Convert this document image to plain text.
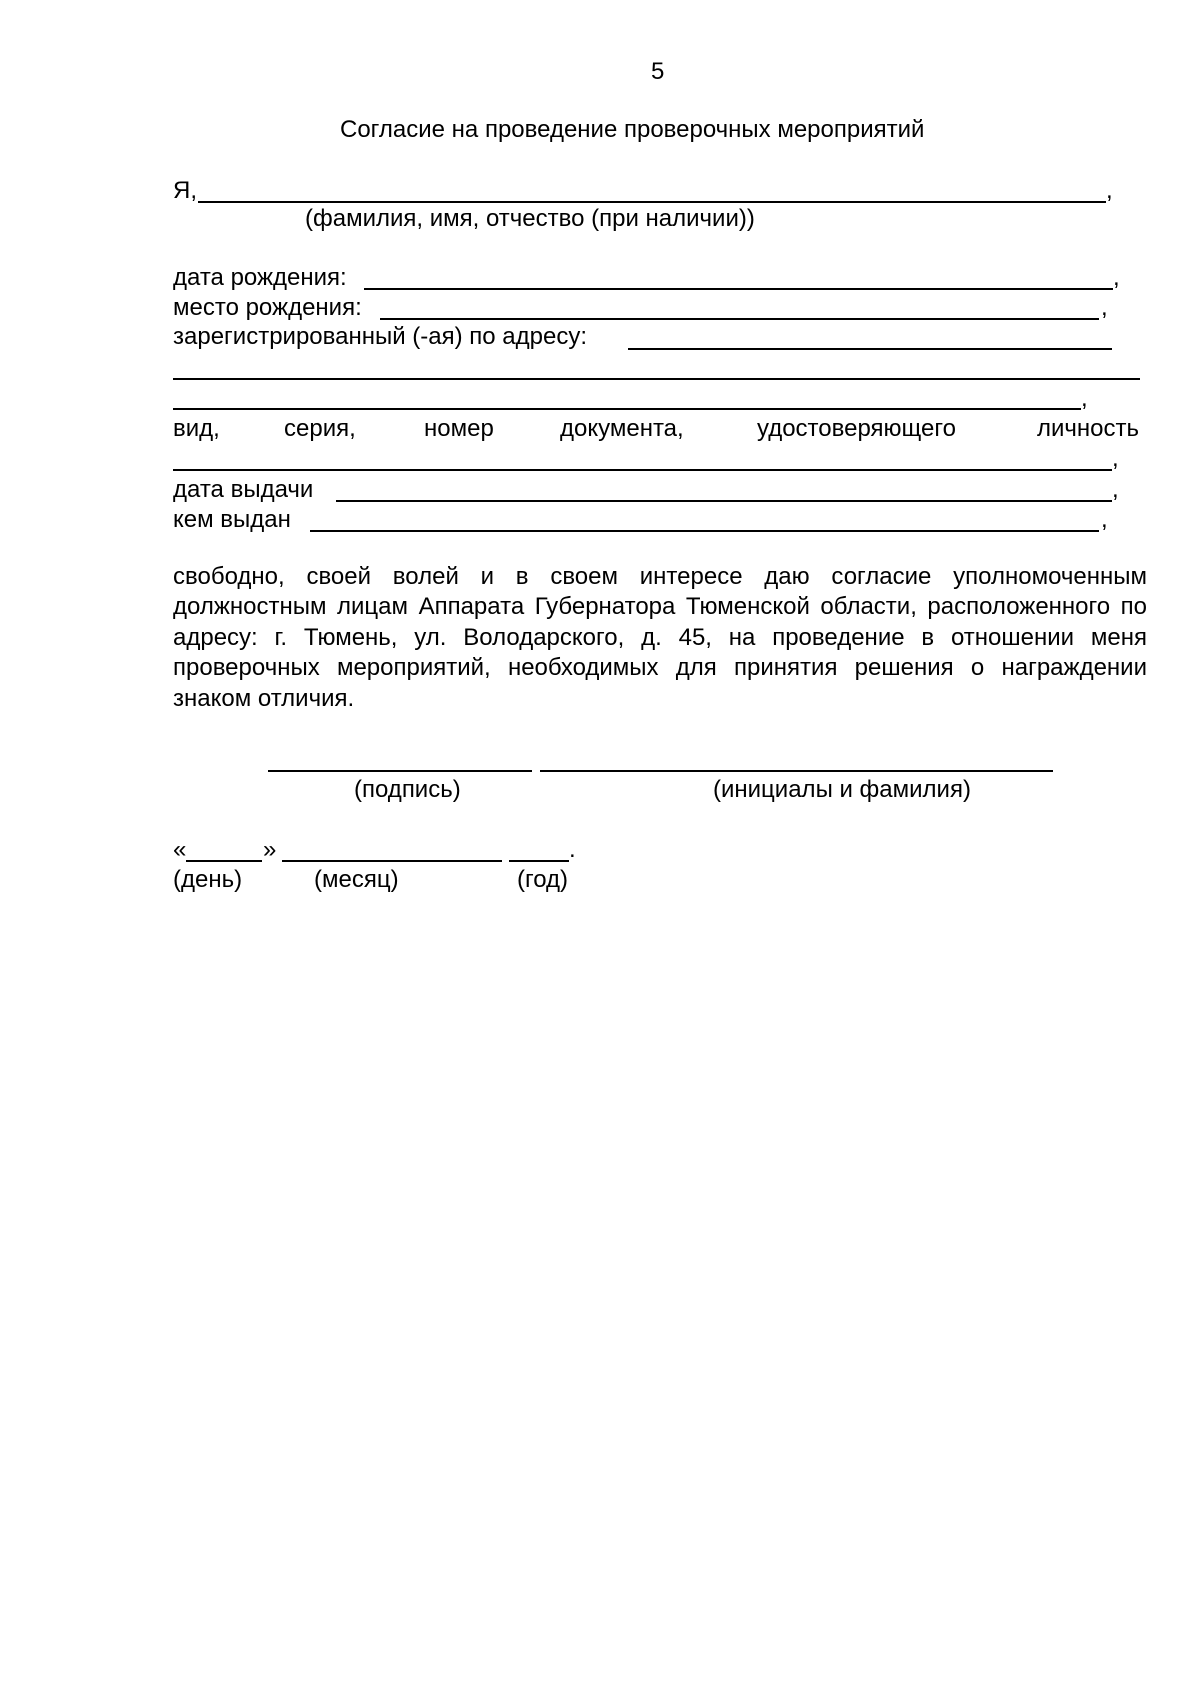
5
Согласие на проведение проверочных мероприятий
Я,	,
(фамилия, имя, отчество (при наличии))
дата рождения:	,
место рождения:	,
зарегистрированный (-ая) по адресу:
,
вид,	серия,	номер	документа,	удостоверяющего	личность
,
дата выдачи	,
кем выдан	,
свободно, своей волей и в своем интересе даю согласие уполномоченным должностным лицам Аппарата Губернатора Тюменской области, расположенного по адресу: г. Тюмень, ул. Володарского, д. 45, на проведение в отношении меня проверочных мероприятий, необходимых для принятия решения о награждении знаком отличия.
(подпись)	(инициалы и фамилия)
«	»	.
(день)	(месяц)	(год)
